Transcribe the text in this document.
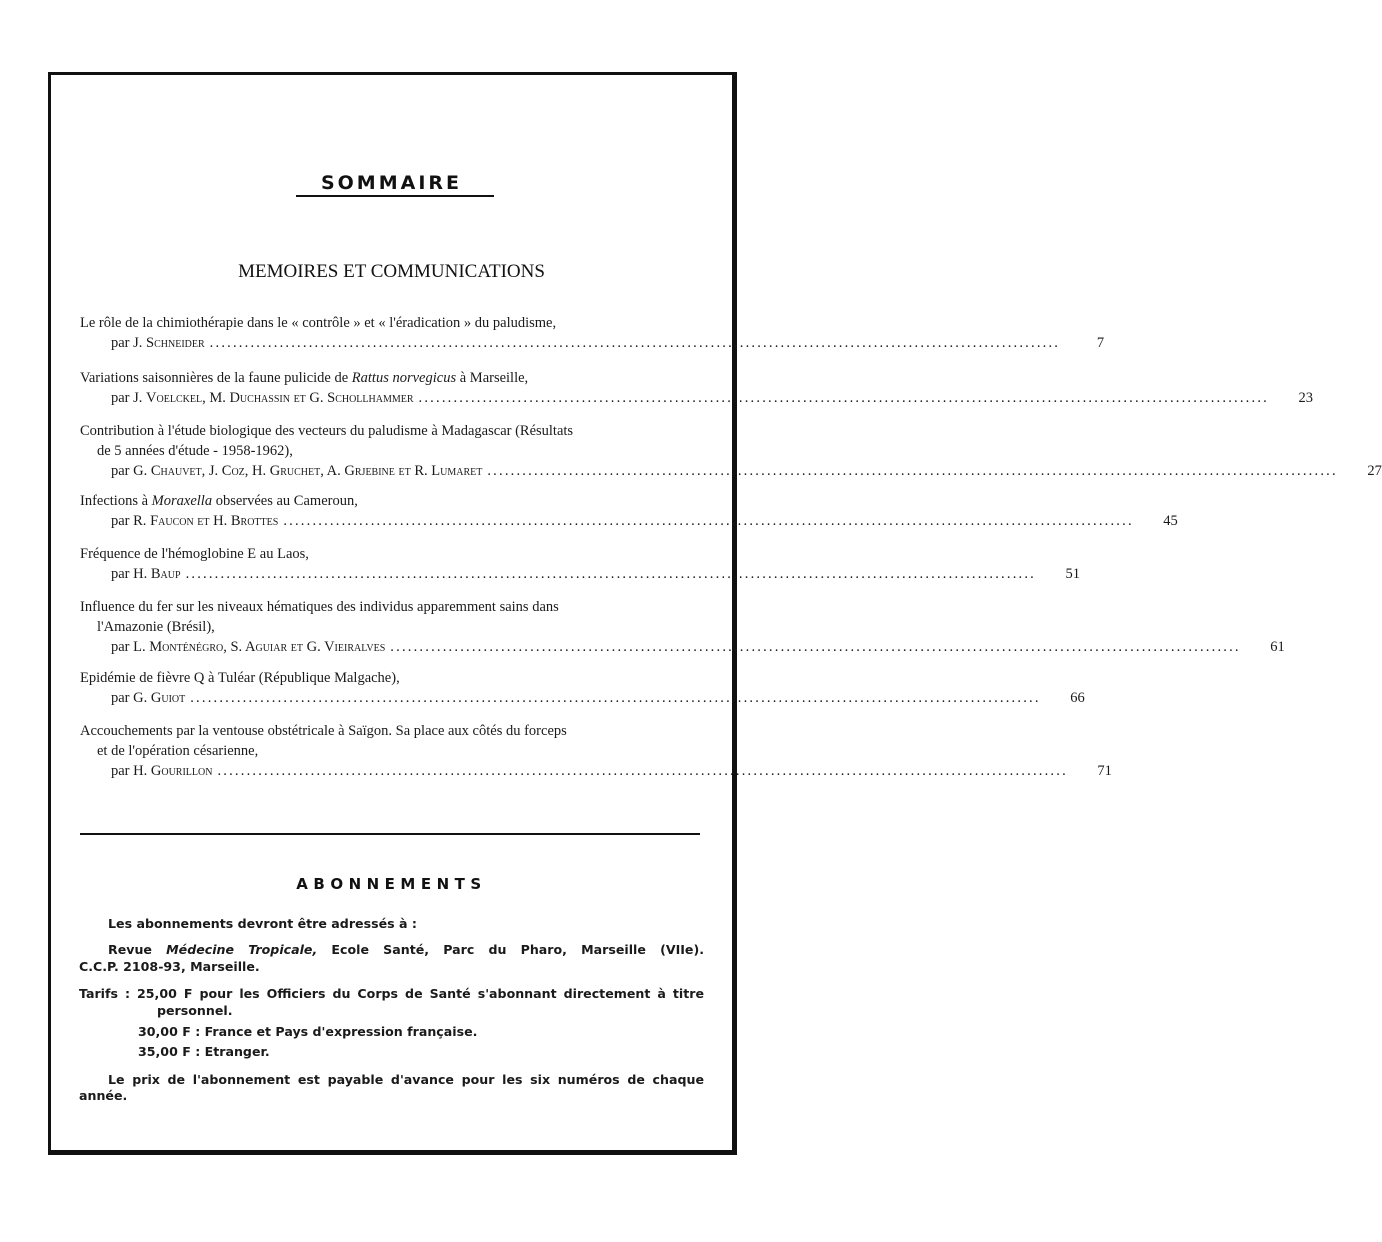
SOMMAIRE
MEMOIRES ET COMMUNICATIONS
Le rôle de la chimiothérapie dans le « contrôle » et « l'éradication » du paludisme,
par J. Schneider ..................................................................................................................................................	7
Variations saisonnières de la faune pulicide de Rattus norvegicus à Marseille,
par J. Voelckel, M. Duchassin et G. Schollhammer ..................................................................................................................................................	23
Contribution à l'étude biologique des vecteurs du paludisme à Madagascar (Résultats
de 5 années d'étude - 1958-1962),
par G. Chauvet, J. Coz, H. Gruchet, A. Grjebine et R. Lumaret ..................................................................................................................................................	27
Infections à Moraxella observées au Cameroun,
par R. Faucon et H. Brottes ..................................................................................................................................................	45
Fréquence de l'hémoglobine E au Laos,
par H. Baup ..................................................................................................................................................	51
Influence du fer sur les niveaux hématiques des individus apparemment sains dans
l'Amazonie (Brésil),
par L. Monténégro, S. Aguiar et G. Vieiralves ..................................................................................................................................................	61
Epidémie de fièvre Q à Tuléar (République Malgache),
par G. Guiot ..................................................................................................................................................	66
Accouchements par la ventouse obstétricale à Saïgon. Sa place aux côtés du forceps
et de l'opération césarienne,
par H. Gourillon ..................................................................................................................................................	71
ABONNEMENTS
Les abonnements devront être adressés à :
Revue Médecine Tropicale, Ecole Santé, Parc du Pharo, Marseille (VIIe).
C.C.P. 2108-93, Marseille.
Tarifs : 25,00 F pour les Officiers du Corps de Santé s'abonnant directement à titre
personnel.
30,00 F : France et Pays d'expression française.
35,00 F : Etranger.
Le prix de l'abonnement est payable d'avance pour les six numéros de chaque
année.
